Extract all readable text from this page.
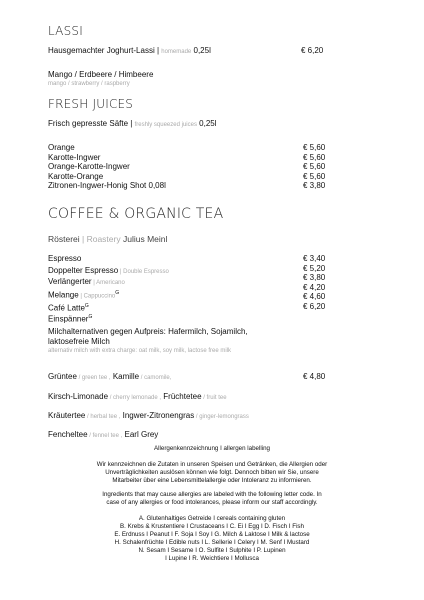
LASSI
Hausgemachter Joghurt-Lassi | homemade 0,25l	€ 6,20
Mango / Erdbeere / Himbeere
mango / strawberry / raspberry
FRESH JUICES
Frisch gepresste Säfte | freshly squeezed juices 0,25l
Orange
Karotte-Ingwer
Orange-Karotte-Ingwer
Karotte-Orange
Zitronen-Ingwer-Honig Shot 0,08l
€ 5,60
€ 5,60
€ 5,60
€ 5,60
€ 3,80
COFFEE & ORGANIC TEA
Rösterei | Roastery Julius Meinl
Espresso
Doppelter Espresso | Double Espresso
Verlängerter | Americano
Melange | Cappuccino$^G$
Café Latte$^G$
Einspänner$^G$
€ 3,40
€ 5,20
€ 3,80
€ 4,20
€ 4,60
€ 6,20
Milchalternativen gegen Aufpreis: Hafermilch, Sojamilch,
laktosefreie Milch
alternativ milch with extra charge: oat milk, soy milk, lactose free milk
Grüntee / green tee , Kamille / camomile,	€ 4,80
Kirsch-Limonade / cherry lemonade , Früchtetee / fruit tee
Kräutertee / herbal tee , Ingwer-Zitronengras / ginger-lemongrass
Fencheltee / fennel tee , Earl Grey
Allergenkennzeichnung I allergen labelling
Wir kennzeichnen die Zutaten in unseren Speisen und Getränken, die Allergien oder
Unverträglichkeiten auslösen können wie folgt. Dennoch bitten wir Sie, unsere
Mitarbeiter über eine Lebensmittelallergie oder Intoleranz zu informieren.
Ingredients that may cause allergies are labeled with the following letter code. In
case of any allergies or food intolerances, please inform our staff accordingly.
A. Glutenhaltiges Getreide I cereals containing gluten
B. Krebs & Krustentiere I Crustaceans I C. Ei I Egg I D. Fisch I Fish
E. Erdnuss I Peanut I F. Soja I Soy I G. Milch & Laktose I Milk & lactose
H. Schalenfrüchte I Edible nuts I L. Sellerie I Celery I M. Senf I Mustard
N. Sesam I Sesame I O. Sulfite I Sulphite I P. Lupinen
I Lupine I R. Weichtiere I Mollusca
